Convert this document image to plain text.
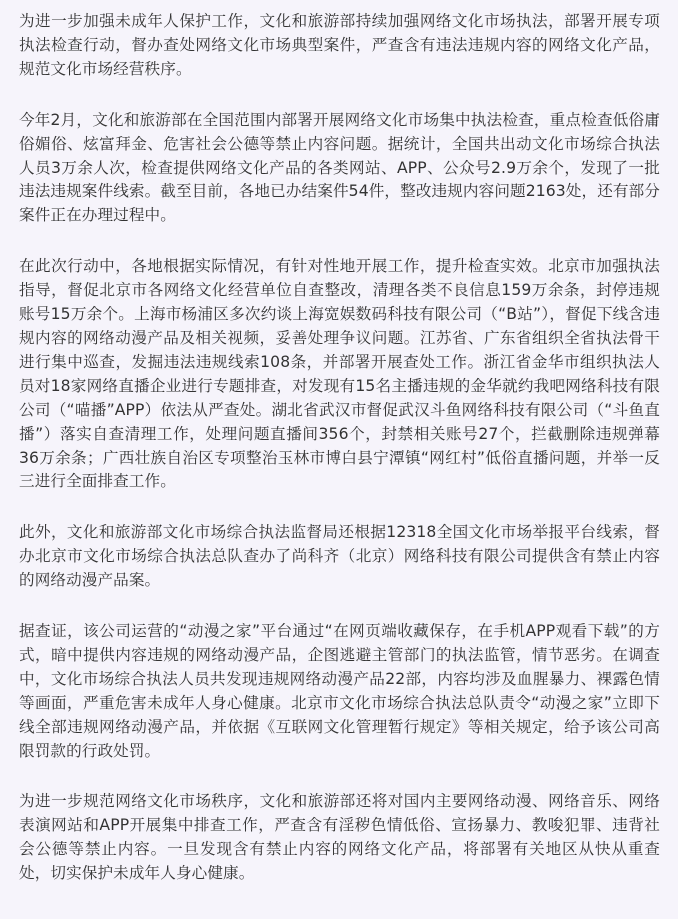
为进一步加强未成年人保护工作，文化和旅游部持续加强网络文化市场执法，部署开展专项执法检查行动，督办查处网络文化市场典型案件，严查含有违法违规内容的网络文化产品，规范文化市场经营秩序。

今年2月，文化和旅游部在全国范围内部署开展网络文化市场集中执法检查，重点检查低俗庸俗媚俗、炫富拜金、危害社会公德等禁止内容问题。据统计，全国共出动文化市场综合执法人员3万余人次，检查提供网络文化产品的各类网站、APP、公众号2.9万余个，发现了一批违法违规案件线索。截至目前，各地已办结案件54件，整改违规内容问题2163处，还有部分案件正在办理过程中。

在此次行动中，各地根据实际情况，有针对性地开展工作，提升检查实效。北京市加强执法指导，督促北京市各网络文化经营单位自查整改，清理各类不良信息159万余条，封停违规账号15万余个。上海市杨浦区多次约谈上海宽娱数码科技有限公司（“B站”），督促下线含违规内容的网络动漫产品及相关视频，妥善处理争议问题。江苏省、广东省组织全省执法骨干进行集中巡查，发掘违法违规线索108条，并部署开展查处工作。浙江省金华市组织执法人员对18家网络直播企业进行专题排查，对发现有15名主播违规的金华就约我吧网络科技有限公司（“喵播”APP）依法从严查处。湖北省武汉市督促武汉斗鱼网络科技有限公司（“斗鱼直播”）落实自查清理工作，处理问题直播间356个，封禁相关账号27个，拦截删除违规弹幕36万余条；广西壮族自治区专项整治玉林市博白县宁潭镇“网红村”低俗直播问题，并举一反三进行全面排查工作。

此外，文化和旅游部文化市场综合执法监督局还根据12318全国文化市场举报平台线索，督办北京市文化市场综合执法总队查办了尚科齐（北京）网络科技有限公司提供含有禁止内容的网络动漫产品案。

据查证，该公司运营的“动漫之家”平台通过“在网页端收藏保存，在手机APP观看下载”的方式，暗中提供内容违规的网络动漫产品，企图逃避主管部门的执法监管，情节恶劣。在调查中，文化市场综合执法人员共发现违规网络动漫产品22部，内容均涉及血腥暴力、裸露色情等画面，严重危害未成年人身心健康。北京市文化市场综合执法总队责令“动漫之家”立即下线全部违规网络动漫产品，并依据《互联网文化管理暂行规定》等相关规定，给予该公司高限罚款的行政处罚。

为进一步规范网络文化市场秩序，文化和旅游部还将对国内主要网络动漫、网络音乐、网络表演网站和APP开展集中排查工作，严查含有淫秽色情低俗、宣扬暴力、教唆犯罪、违背社会公德等禁止内容。一旦发现含有禁止内容的网络文化产品，将部署有关地区从快从重查处，切实保护未成年人身心健康。
